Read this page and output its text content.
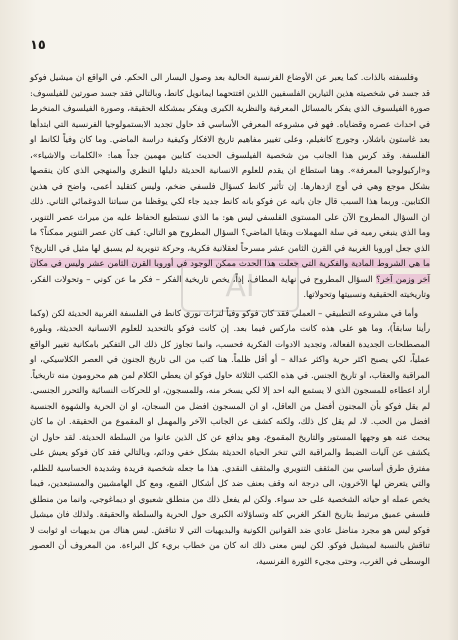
١٥
AI

وفلسفته بالذات. كما يعبر عن الأوضاع الفرنسية الحالية بعد وصول اليسار الى الحكم. في الواقع ان ميشيل فوكو قد جسد في شخصيته هذين التيارين الفلسفيين اللذين افتتحهما ايمانويل كانط، وبالتالي فقد جسد صورتين للفيلسوف: صورة الفيلسوف الذي يفكر بالمسائل المعرفية والنظرية الكبرى ويفكر بمشكلة الحقيقة، وصورة الفيلسوف المنخرط في احداث عصره وقضاياه. فهو في مشروعه المعرفي الأساسي قد حاول تجديد الابستمولوجيا الفرنسية التي ابتدأها بعد غاستون باشلار، وجورج كانغيلم، وعلى تغيير مفاهيم تاريخ الافكار وكيفية دراسة الماضي. وما كان وفياً لكانط او الفلسفة. وقد كرس هذا الجانب من شخصية الفيلسوف الحديث كتابين مهمين جداً هما: «الكلمات والاشياء»، و«اركيولوجيا المعرفة». وهنا استطاع ان يقدم للعلوم الانسانية الحديثة دليلها النظري والمنهجي الذي كان ينقصها بشكل موجع وهي في أوج ازدهارها. إن تأثير كانط كسؤال فلسفي ضخم، وليس كتقليد أعمى، واضح في هذين الكتابين. وربما هذا السبب قال جان باتيه عن فوكو بانه كانط جديد جاء لكي يوقظنا من سباتنا الدوغمائي الثاني. ذلك ان السؤال المطروح الآن على المستوى الفلسفي ليس هو: ما الذي نستطيع الحفاظ عليه من ميراث عصر التنوير، وما الذي ينبغي رميه في سلة المهملات وبقايا الماضي؟ السؤال المطروح هو التالي: كيف كان عصر التنوير ممكناً؟ ما الذي جعل اوروبا الغربية في القرن الثامن عشر مسرحاً لعقلانية فكرية، وحركة تنويرية لم يسبق لها مثيل في التاريخ؟ ما هي الشروط المادية والفكرية التي جعلت هذا الحدث ممكن الوجود في أوروبا القرن الثامن عشر وليس في مكان آخر وزمن آخر؟ السؤال المطروح في نهاية المطاف، إذاً، يخص تاريخية الفكر – فكر ما عن كوني – وتحولات الفكر، وتاريخيته الحقيقية ونسبيتها وتحولاتها.

وأما في مشروعه التطبيقي – العملي فقد كان فوكو وفياً لتراث نوري كانط في الفلسفة الغربية الحديثة لكن (وكما رأينا سابقاً)، وما هو على هذه كانت ماركس فيما بعد. إن كانت فوكو بالتحديد للعلوم الانسانية الحديثة، وبلورة المصطلحات الجديدة الفعالة، وتجديد الادوات الفكرية فحسب، وانما تجاوز كل ذلك الى التفكير بامكانية تغيير الواقع عملياً، لكي يصبح اكثر حرية واكثر عدالة – أو أقل ظلماً. هنا كتب من الى تاريخ الجنون في العصر الكلاسيكي، او المراقبة والعقاب، او تاريخ الجنس. في هذه الكتب الثلاثة حاول فوكو ان يعطي الكلام لمن هم محرومون منه تاريخياً. أراد اعطاءه للمسجون الذي لا يستمع اليه احد إلا لكي يسخر منه، وللمسجون، او للحركات النسائية والتحرر الجنسي. لم يقل فوكو بأن المجنون أفضل من العاقل، او ان المسجون افضل من السجان، او ان الحرية والشهوة الجنسية افضل من الحب. لا، لم يقل كل ذلك، ولكنه كشف عن الجانب الآخر والمهمل او المقموع من الحقيقة. ان ما كان يبحث عنه هو وجهها المستور والتاريخ المقموع، وهو يدافع عن كل الذين عانوا من السلطة الحديثة. لقد حاول ان يكشف عن آليات الضبط والمراقبة التي تنخر الحياة الحديثة بشكل خفي ودائم، وبالتالي فقد كان فوكو يعيش على مفترق طرق أساسي بين المثقف التنويري والمثقف النقدي. هذا ما جعله شخصية فريدة وشديدة الحساسية للظلم، والتي يتعرض لها الآخرون، الى درجة انه وقف بعنف ضد كل أشكال القمع، ومع كل الهامشيين والمستبعدين، فيما يخص عمله او حياته الشخصية على حد سواء. ولكن لم يفعل ذلك من منطلق شعبوي او ديماغوجي، وانما من منطلق فلسفي عميق مرتبط بتاريخ الفكر الغربي كله وتساؤلاته الكبرى حول الحرية والسلطة والحقيقة. ولذلك فان ميشيل فوكو ليس هو مجرد مناضل عادي ضد القوانين الكونية والبديهيات التي لا تناقش. ليس هناك من بديهيات او ثوابت لا تناقش بالنسبة لميشيل فوكو. لكن ليس معنى ذلك انه كان من خطاب بريء كل البراءة. من المعروف أن العصور الوسطى في الغرب، وحتى مجيء الثورة الفرنسية،
